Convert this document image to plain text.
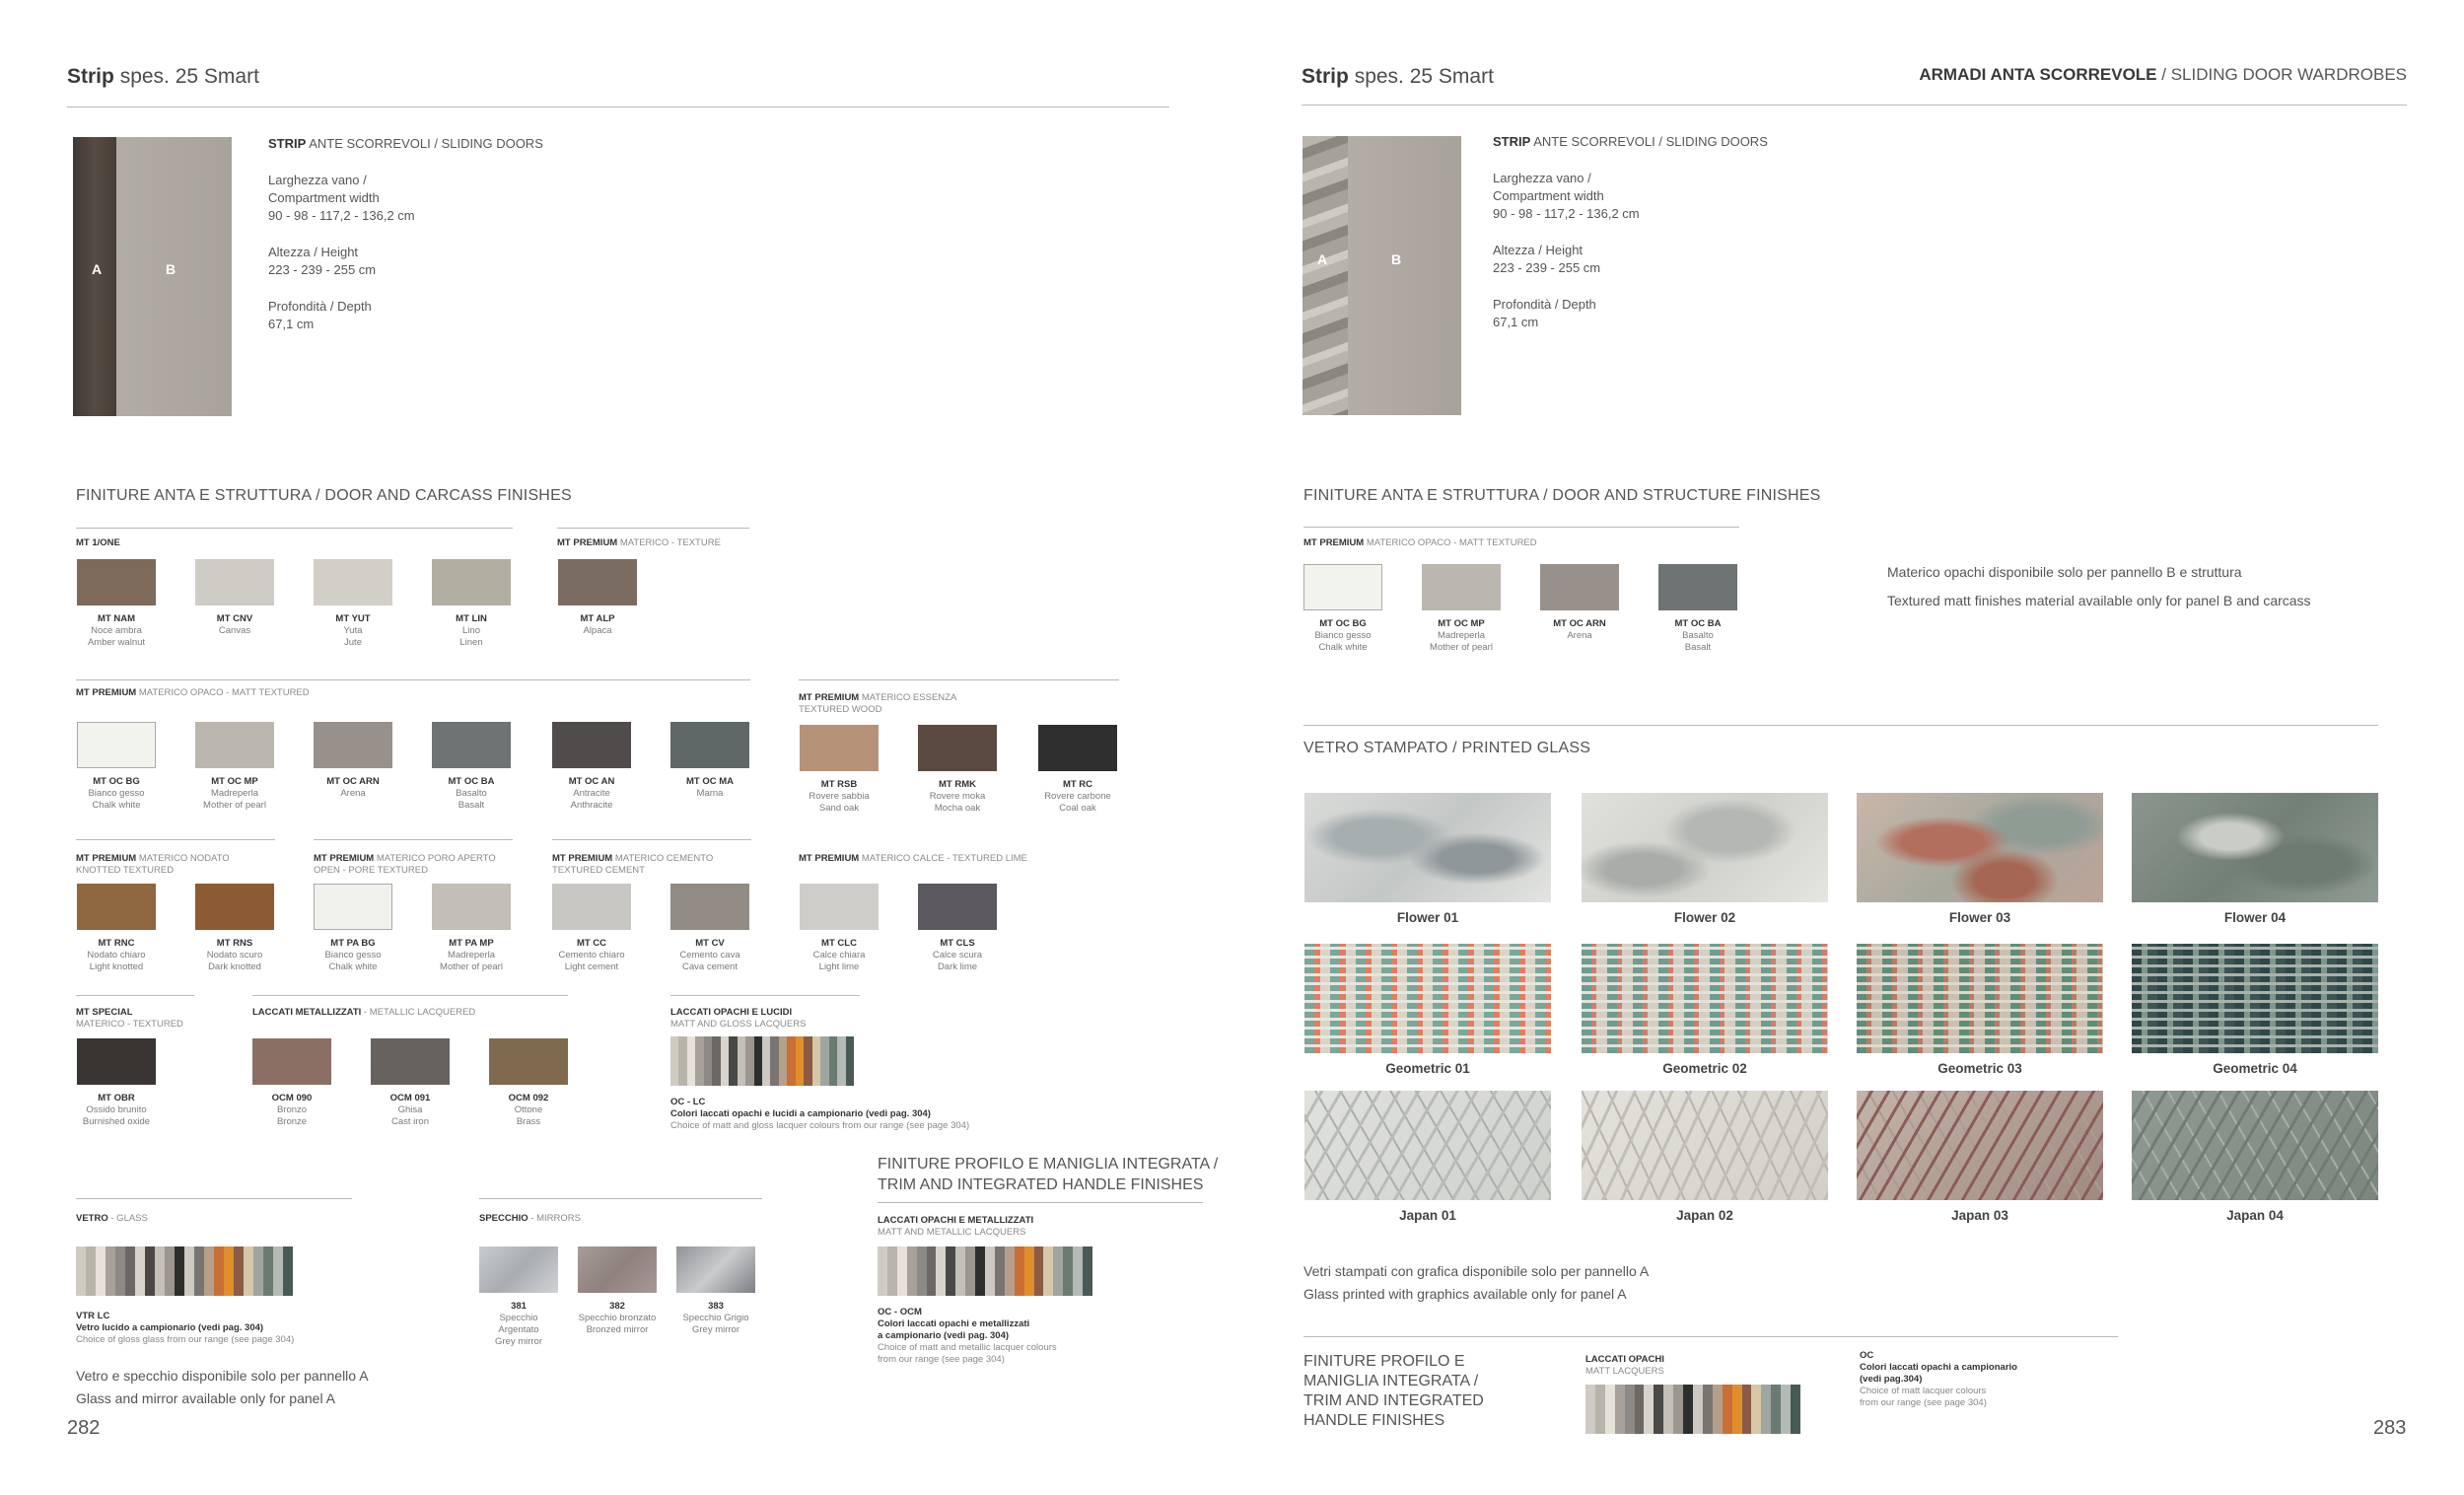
Strip spes. 25 Smart
A	B
STRIP ANTE SCORREVOLI / SLIDING DOORS
Larghezza vano /
Compartment width
90 - 98 - 117,2 - 136,2 cm
Altezza / Height
223 - 239 - 255 cm
Profondità / Depth
67,1 cm
FINITURE ANTA E STRUTTURA / DOOR AND CARCASS FINISHES
MT 1/ONE	MT PREMIUM MATERICO - TEXTURE
MT PREMIUM MATERICO OPACO - MATT TEXTURED	MT PREMIUM MATERICO ESSENZA
TEXTURED WOOD
MT PREMIUM MATERICO NODATO
KNOTTED TEXTURED
MT PREMIUM MATERICO PORO APERTO
OPEN - PORE TEXTURED
MT PREMIUM MATERICO CEMENTO
TEXTURED CEMENT
MT PREMIUM MATERICO CALCE - TEXTURED LIME
MT SPECIAL
MATERICO - TEXTURED
LACCATI METALLIZZATI - METALLIC LACQUERED	LACCATI OPACHI E LUCIDI
MATT AND GLOSS LACQUERS
MT NAM
Noce ambra
Amber walnut
MT CNV
Canvas

MT YUT
Yuta
Jute
MT LIN
Lino
Linen
MT ALP
Alpaca

MT OC BG
Bianco gesso
Chalk white
MT OC MP
Madreperla
Mother of pearl
MT OC ARN
Arena

MT OC BA
Basalto
Basalt
MT OC AN
Antracite
Anthracite
MT OC MA
Marna

MT RSB
Rovere sabbia
Sand oak
MT RMK
Rovere moka
Mocha oak
MT RC
Rovere carbone
Coal oak
MT RNC
Nodato chiaro
Light knotted
MT RNS
Nodato scuro
Dark knotted
MT PA BG
Bianco gesso
Chalk white
MT PA MP
Madreperla
Mother of pearl
MT CC
Cemento chiaro
Light cement
MT CV
Cemento cava
Cava cement
MT CLC
Calce chiara
Light lime
MT CLS
Calce scura
Dark lime
MT OBR
Ossido brunito
Burnished oxide
OCM 090
Bronzo
Bronze
OCM 091
Ghisa
Cast iron
OCM 092
Ottone
Brass
OC - LC
Colori laccati opachi e lucidi a campionario (vedi pag. 304)
Choice of matt and gloss lacquer colours from our range (see page 304)
VETRO - GLASS
VTR LC
Vetro lucido a campionario (vedi pag. 304)
Choice of gloss glass from our range (see page 304)
Vetro e specchio disponibile solo per pannello A
Glass and mirror available only for panel A
282
SPECCHIO - MIRRORS
381
Specchio
Argentato
Grey mirror
382
Specchio bronzato
Bronzed mirror
383
Specchio Grigio
Grey mirror
FINITURE PROFILO E MANIGLIA INTEGRATA /
TRIM AND INTEGRATED HANDLE FINISHES
LACCATI OPACHI E METALLIZZATI
MATT AND METALLIC LACQUERS
OC - OCM
Colori laccati opachi e metallizzati
a campionario (vedi pag. 304)
Choice of matt and metallic lacquer colours
from our range (see page 304)
Strip spes. 25 Smart	ARMADI ANTA SCORREVOLE / SLIDING DOOR WARDROBES
A	B
STRIP ANTE SCORREVOLI / SLIDING DOORS
Larghezza vano /
Compartment width
90 - 98 - 117,2 - 136,2 cm
Altezza / Height
223 - 239 - 255 cm
Profondità / Depth
67,1 cm
FINITURE ANTA E STRUTTURA / DOOR AND STRUCTURE FINISHES
MT PREMIUM MATERICO OPACO - MATT TEXTURED
MT OC BG
Bianco gesso
Chalk white
MT OC MP
Madreperla
Mother of pearl
MT OC ARN
Arena

MT OC BA
Basalto
Basalt
Materico opachi disponibile solo per pannello B e struttura
Textured matt finishes material available only for panel B and carcass
VETRO STAMPATO / PRINTED GLASS
Flower 01	Flower 02	Flower 03	Flower 04
Geometric 01	Geometric 02	Geometric 03	Geometric 04
Japan 01	Japan 02	Japan 03	Japan 04
Vetri stampati con grafica disponibile solo per pannello A
Glass printed with graphics available only for panel A
FINITURE PROFILO E
MANIGLIA INTEGRATA /
TRIM AND INTEGRATED
HANDLE FINISHES
LACCATI OPACHI
MATT LACQUERS
OC
Colori laccati opachi a campionario
(vedi pag.304)
Choice of matt lacquer colours
from our range (see page 304)
283
